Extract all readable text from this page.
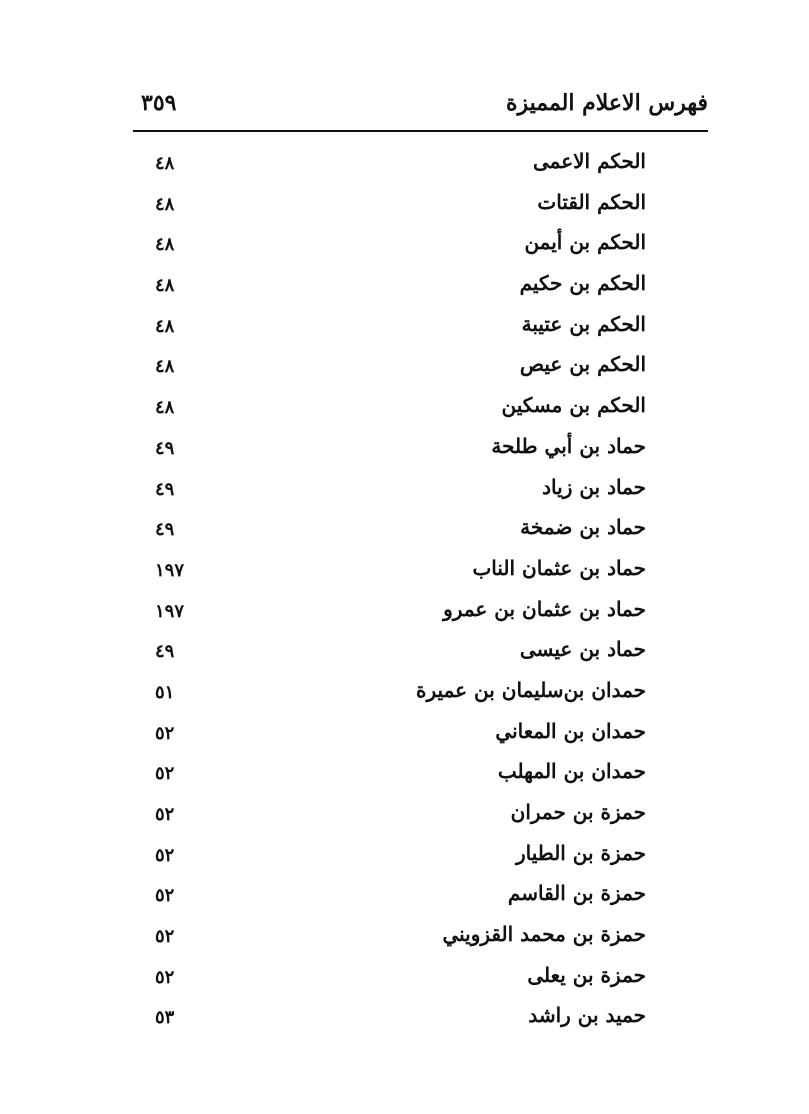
فهرس الاعلام المميزة
٣٥٩
الحكم الاعمى
٤٨
الحكم القتات
٤٨
الحكم بن أيمن
٤٨
الحكم بن حكيم
٤٨
الحكم بن عتيبة
٤٨
الحكم بن عيص
٤٨
الحكم بن مسكين
٤٨
حماد بن أبي طلحة
٤٩
حماد بن زياد
٤٩
حماد بن ضمخة
٤٩
حماد بن عثمان الناب
١٩٧
حماد بن عثمان بن عمرو
١٩٧
حماد بن عيسى
٤٩
حمدان بن‌سليمان بن عميرة
٥١
حمدان بن المعاني
٥٢
حمدان بن المهلب
٥٢
حمزة بن حمران
٥٢
حمزة بن الطيار
٥٢
حمزة بن القاسم
٥٢
حمزة بن محمد القزويني
٥٢
حمزة بن يعلى
٥٢
حميد بن راشد
٥٣
